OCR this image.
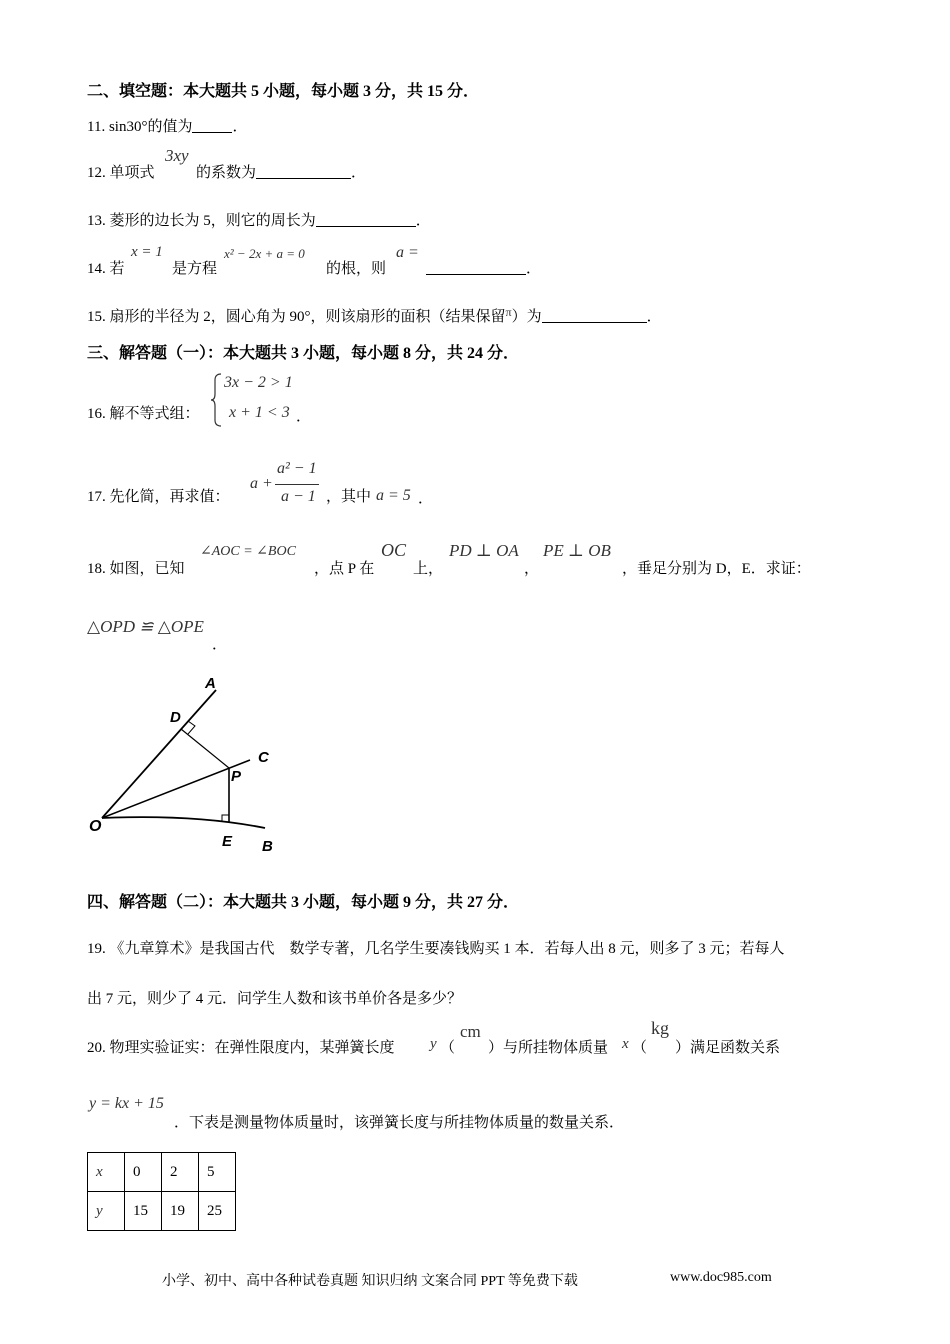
二、填空题：本大题共 5 小题，每小题 3 分，共 15 分．
11. sin30°的值为	．
12. 单项式
3xy
的系数为	．
13. 菱形的边长为 5，则它的周长为	．
14. 若
x = 1
是方程
x² − 2x + a = 0
的根，则
a =
．
15. 扇形的半径为 2，圆心角为 90°，则该扇形的面积（结果保留$^\pi$）为	．
三、解答题（一）：本大题共 3 小题，每小题 8 分，共 24 分．
16. 解不等式组：
3x − 2 > 1
x + 1 < 3 ．
17. 先化简，再求值：
a +
a² − 1
a − 1 ，其中 a = 5 ．
18. 如图，已知
∠AOC = ∠BOC
，点 P 在
OC
上，
PD ⊥ OA
，
PE ⊥ OB
，垂足分别为 D，E．求证：
△OPD ≌ △OPE
．
A
D
C
P
O
E B
四、解答题（二）：本大题共 3 小题，每小题 9 分，共 27 分．
19. 《九章算术》是我国古代　数学专著，几名学生要凑钱购买 1 本．若每人出 8 元，则多了 3 元；若每人
出 7 元，则少了 4 元．问学生人数和该书单价各是多少？
20. 物理实验证实：在弹性限度内，某弹簧长度 y （
cm
） 与所挂物体质量 x （
kg
） 满足函数关系
y = kx + 15
．下表是测量物体质量时，该弹簧长度与所挂物体质量的数量关系．
x	0	2	5
y	15	19	25
小学、初中、高中各种试卷真题 知识归纳 文案合同 PPT 等免费下载	www.doc985.com
